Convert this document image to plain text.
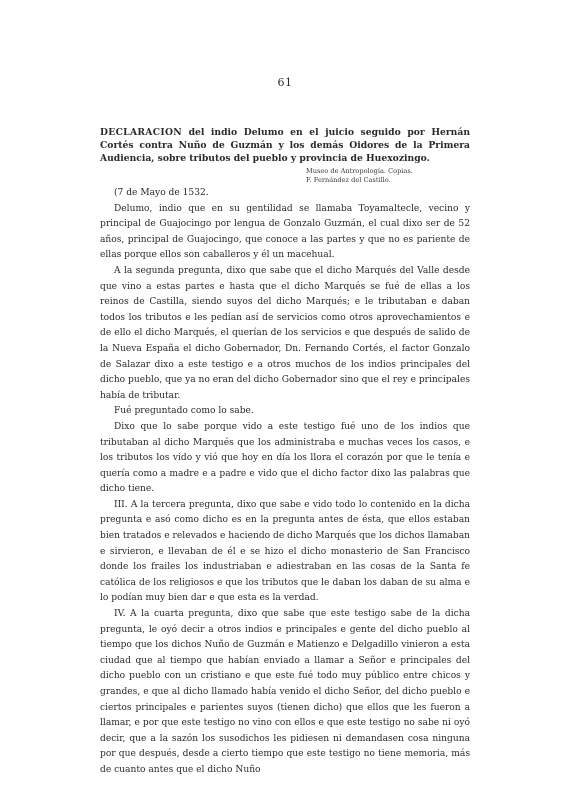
61
DECLARACION del indio Delumo en el juicio seguido por Hernán Cortés contra Nuño de Guzmán y los demás Oidores de la Primera Audiencia, sobre tributos del pueblo y provincia de Huexozingo.
Museo de Antropología. Copias.
F. Fernández del Castillo.

(7 de Mayo de 1532.

Delumo, indio que en su gentilidad se llamaba Toyamaltecle, vecino y principal de Guajocingo por lengua de Gonzalo Guzmán, el cual dixo ser de 52 años, principal de Guajocingo, que conoce a las partes y que no es pariente de ellas porque ellos son caballeros y él un macehual.

A la segunda pregunta, dixo que sabe que el dicho Marqués del Valle desde que vino a estas partes e hasta que el dicho Marqués se fué de ellas a los reinos de Castilla, siendo suyos del dicho Marqués; e le tributaban e daban todos los tributos e les pedían así de servicios como otros aprovechamientos e de ello el dicho Marqués, el querían de los servicios e que después de salido de la Nueva España el dicho Gobernador, Dn. Fernando Cortés, el factor Gonzalo de Salazar dixo a este testigo e a otros muchos de los indios principales del dicho pueblo, que ya no eran del dicho Gobernador sino que el rey e principales había de tributar.

Fué preguntado como lo sabe.

Dixo que lo sabe porque vido a este testigo fué uno de los indios que tributaban al dicho Marqués que los administraba e muchas veces los casos, e los tributos los vido y vió que hoy en día los llora el corazón por que le tenía e quería como a madre e a padre e vido que el dicho factor dixo las palabras que dicho tiene.

III. A la tercera pregunta, dixo que sabe e vido todo lo contenido en la dicha pregunta e asó como dicho es en la pregunta antes de ésta, que ellos estaban bien tratados e relevados e haciendo de dicho Marqués que los dichos llamaban e sirvieron, e llevaban de él e se hizo el dicho monasterio de San Francisco donde los frailes los industriaban e adiestraban en las cosas de la Santa fe católica de los religiosos e que los tributos que le daban los daban de su alma e lo podían muy bien dar e que esta es la verdad.

IV. A la cuarta pregunta, dixo que sabe que este testigo sabe de la dicha pregunta, le oyó decir a otros indios e principales e gente del dicho pueblo al tiempo que los dichos Nuño de Guzmán e Matienzo e Delgadillo vinieron a esta ciudad que al tiempo que habían enviado a llamar a Señor e principales del dicho pueblo con un cristiano e que este fué todo muy público entre chicos y grandes, e que al dicho llamado había venido el dicho Señor, del dicho pueblo e ciertos principales e parientes suyos (tienen dicho) que ellos que les fueron a llamar, e por que este testigo no vino con ellos e que este testigo no sabe ni oyó decir, que a la sazón los susodichos les pidiesen ni demandasen cosa ninguna por que después, desde a cierto tiempo que este testigo no tiene memoria, más de cuanto antes que el dicho Nuño
